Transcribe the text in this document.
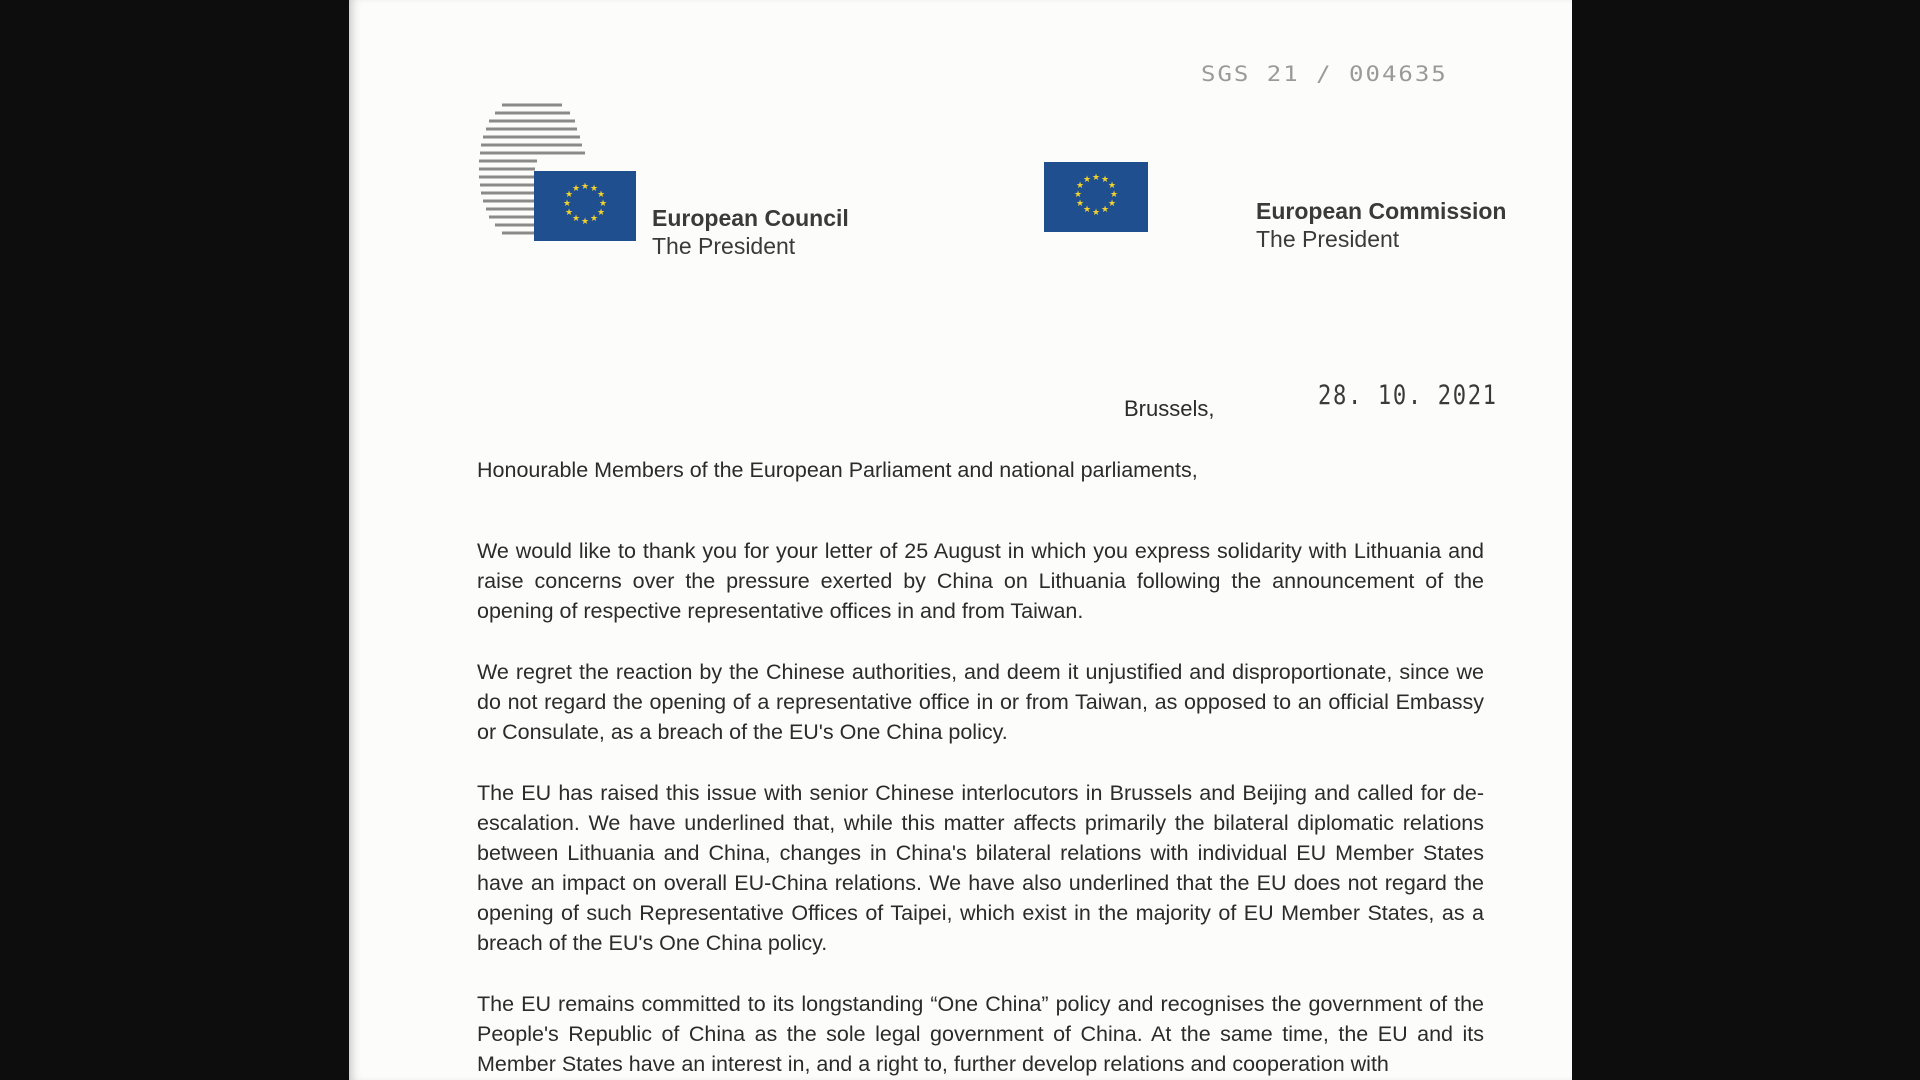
SGS 21 / 004635
★ ★
★
★
★
★
★
★
★
★
★
★
European Council
The President
★ ★
★
★
★
★
★
★
★
★
★
★
European Commission
The President
Brussels,	28. 10. 2021
Honourable Members of the European Parliament and national parliaments,

We would like to thank you for your letter of 25 August in which you express solidarity with Lithuania and raise concerns over the pressure exerted by China on Lithuania following the announcement of the opening of respective representative offices in and from Taiwan.

We regret the reaction by the Chinese authorities, and deem it unjustified and disproportionate, since we do not regard the opening of a representative office in or from Taiwan, as opposed to an official Embassy or Consulate, as a breach of the EU's One China policy.

The EU has raised this issue with senior Chinese interlocutors in Brussels and Beijing and called for de-escalation. We have underlined that, while this matter affects primarily the bilateral diplomatic relations between Lithuania and China, changes in China's bilateral relations with individual EU Member States have an impact on overall EU-China relations. We have also underlined that the EU does not regard the opening of such Representative Offices of Taipei, which exist in the majority of EU Member States, as a breach of the EU's One China policy.

The EU remains committed to its longstanding “One China” policy and recognises the government of the People's Republic of China as the sole legal government of China. At the same time, the EU and its Member States have an interest in, and a right to, further develop relations and cooperation with
